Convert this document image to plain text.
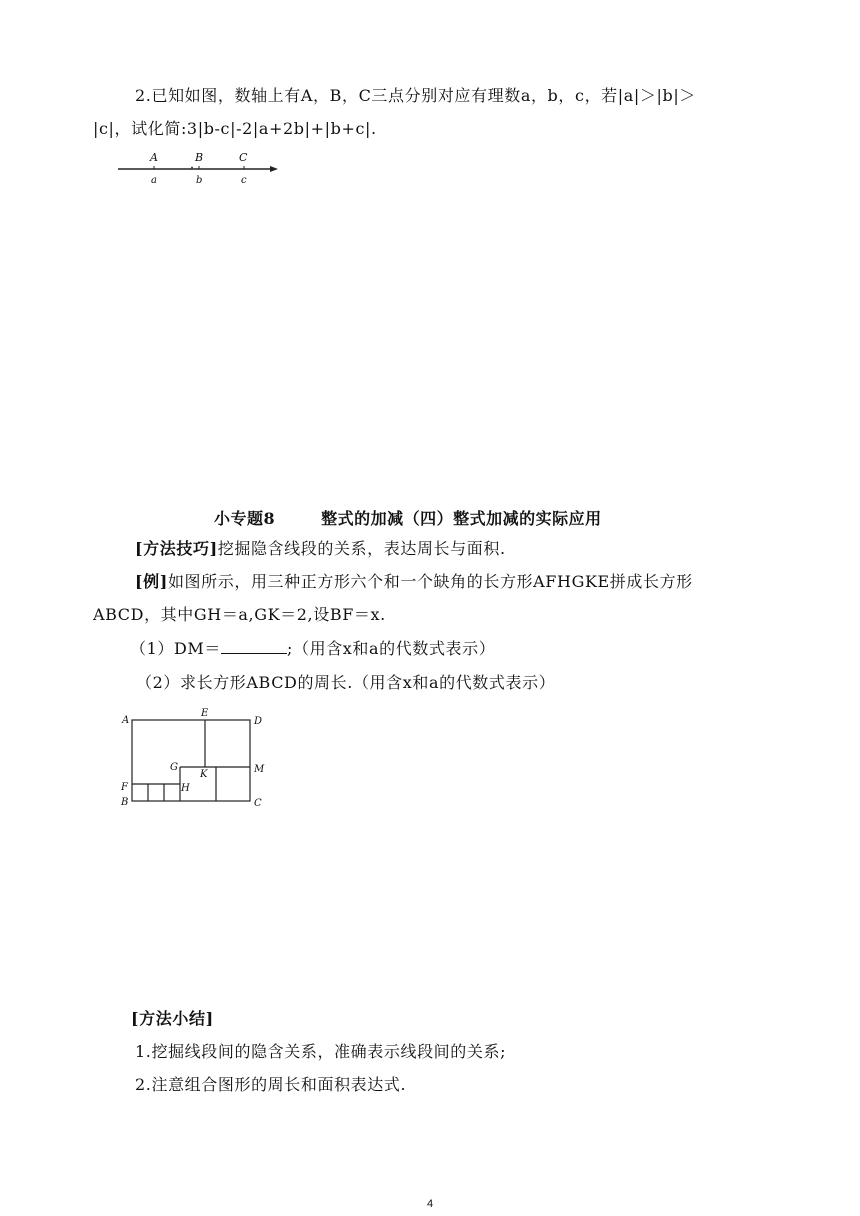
2.已知如图，数轴上有A，B，C三点分别对应有理数a，b，c，若|a|＞|b|＞
|c|，试化简:3|b-c|-2|a+2b|+|b+c|.
A	B	C
a	b	c
小专题8	整式的加减（四）整式加减的实际应用
[方法技巧]挖掘隐含线段的关系，表达周长与面积.
[例]如图所示，用三种正方形六个和一个缺角的长方形AFHGKE拼成长方形
ABCD，其中GH＝a,GK＝2,设BF＝x.
（1）DM＝	;（用含x和a的代数式表示）
（2）求长方形ABCD的周长.（用含x和a的代数式表示）
A
E
D
G
K	M
F	H
B	C
[方法小结]
1.挖掘线段间的隐含关系，准确表示线段间的关系;
2.注意组合图形的周长和面积表达式.
4
